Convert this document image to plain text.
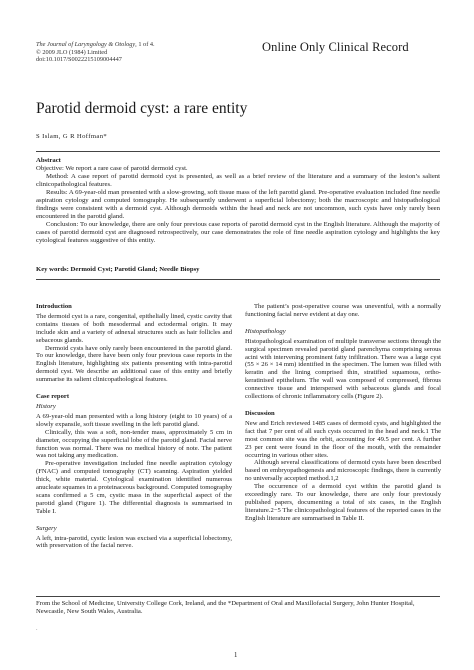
The Journal of Laryngology & Otology, 1 of 4.
© 2009 JLO (1984) Limited
doi:10.1017/S0022215109004447
Online Only Clinical Record
Parotid dermoid cyst: a rare entity
S Islam, G R Hoffman*

Abstract

Objective: We report a rare case of parotid dermoid cyst.

Method: A case report of parotid dermoid cyst is presented, as well as a brief review of the literature and a summary of the lesion’s salient clinicopathological features.

Results: A 69-year-old man presented with a slow-growing, soft tissue mass of the left parotid gland. Pre-operative evaluation included fine needle aspiration cytology and computed tomography. He subsequently underwent a superficial lobectomy; both the macroscopic and histopathological findings were consistent with a dermoid cyst. Although dermoids within the head and neck are not uncommon, such cysts have only rarely been encountered in the parotid gland.

Conclusion: To our knowledge, there are only four previous case reports of parotid dermoid cyst in the English literature. Although the majority of cases of parotid dermoid cyst are diagnosed retrospectively, our case demonstrates the role of fine needle aspiration cytology and highlights the key cytological features suggestive of this entity.

Key words: Dermoid Cyst; Parotid Gland; Needle Biopsy

Introduction

The dermoid cyst is a rare, congenital, epithelially lined, cystic cavity that contains tissues of both mesodermal and ectodermal origin. It may include skin and a variety of adnexal structures such as hair follicles and sebaceous glands.

Dermoid cysts have only rarely been encountered in the parotid gland. To our knowledge, there have been only four previous case reports in the English literature, highlighting six patients presenting with intra-parotid dermoid cyst. We describe an additional case of this entity and briefly summarise its salient clinicopathological features.

Case report

History

A 69-year-old man presented with a long history (eight to 10 years) of a slowly expansile, soft tissue swelling in the left parotid gland.

Clinically, this was a soft, non-tender mass, approximately 5 cm in diameter, occupying the superficial lobe of the parotid gland. Facial nerve function was normal. There was no medical history of note. The patient was not taking any medication.

Pre-operative investigation included fine needle aspiration cytology (FNAC) and computed tomography (CT) scanning. Aspiration yielded thick, white material. Cytological examination identified numerous anucleate squames in a proteinaceous background. Computed tomography scans confirmed a 5 cm, cystic mass in the superficial aspect of the parotid gland (Figure 1). The differential diagnosis is summarised in Table I.

Surgery

A left, intra-parotid, cystic lesion was excised via a superficial lobectomy, with preservation of the facial nerve.

The patient’s post-operative course was uneventful, with a normally functioning facial nerve evident at day one.

Histopathology

Histopathological examination of multiple transverse sections through the surgical specimen revealed parotid gland parenchyma comprising serous acini with intervening prominent fatty infiltration. There was a large cyst (55 × 26 × 14 mm) identified in the specimen. The lumen was filled with keratin and the lining comprised thin, stratified squamous, ortho-keratinised epithelium. The wall was composed of compressed, fibrous connective tissue and interspersed with sebaceous glands and focal collections of chronic inflammatory cells (Figure 2).

Discussion

New and Erich reviewed 1485 cases of dermoid cysts, and highlighted the fact that 7 per cent of all such cysts occurred in the head and neck.1 The most common site was the orbit, accounting for 49.5 per cent. A further 23 per cent were found in the floor of the mouth, with the remainder occurring in various other sites.

Although several classifications of dermoid cysts have been described based on embryopathogenesis and microscopic findings, there is currently no universally accepted method.1,2

The occurrence of a dermoid cyst within the parotid gland is exceedingly rare. To our knowledge, there are only four previously published papers, documenting a total of six cases, in the English literature.2−5 The clinicopathological features of the reported cases in the English literature are summarised in Table II.

From the School of Medicine, University College Cork, Ireland, and the *Department of Oral and Maxillofacial Surgery, John Hunter Hospital, Newcastle, New South Wales, Australia.
·
1
